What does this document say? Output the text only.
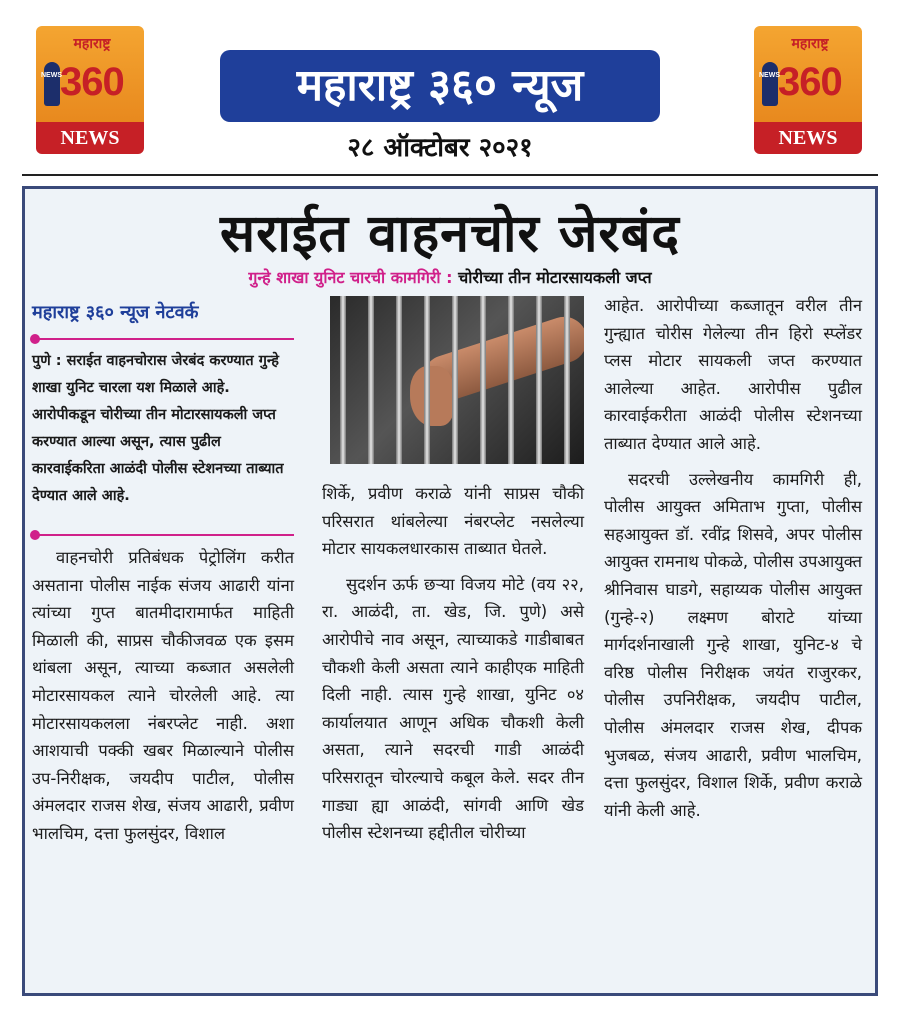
महाराष्ट्र
NEWS
360
NEWS
महाराष्ट्र
NEWS
360
NEWS
महाराष्ट्र ३६० न्यूज
२८ ऑक्टोबर २०२१
सराईत वाहनचोर जेरबंद
गुन्हे शाखा युनिट चारची कामगिरी : चोरीच्या तीन मोटारसायकली जप्त
महाराष्ट्र ३६० न्यूज नेटवर्क
पुणे : सराईत वाहनचोरास जेरबंद करण्यात गुन्हे शाखा युनिट चारला यश मिळाले आहे. आरोपीकडून चोरीच्या तीन मोटारसायकली जप्त करण्यात आल्या असून, त्यास पुढील कारवाईकरिता आळंदी पोलीस स्टेशनच्या ताब्यात देण्यात आले आहे.

वाहनचोरी प्रतिबंधक पेट्रोलिंग करीत असताना पोलीस नाईक संजय आढारी यांना त्यांच्या गुप्त बातमीदारामार्फत माहिती मिळाली की, साप्रस चौकीजवळ एक इसम थांबला असून, त्याच्या कब्जात असलेली मोटारसायकल त्याने चोरलेली आहे. त्या मोटारसायकलला नंबरप्लेट नाही. अशा आशयाची पक्की खबर मिळाल्याने पोलीस उप-निरीक्षक, जयदीप पाटील, पोलीस अंमलदार राजस शेख, संजय आढारी, प्रवीण भालचिम, दत्ता फुलसुंदर, विशाल

शिर्के, प्रवीण कराळे यांनी साप्रस चौकी परिसरात थांबलेल्या नंबरप्लेट नसलेल्या मोटार सायकलधारकास ताब्यात घेतले.

सुदर्शन ऊर्फ छऱ्या विजय मोटे (वय २२, रा. आळंदी, ता. खेड, जि. पुणे) असे आरोपीचे नाव असून, त्याच्याकडे गाडीबाबत चौकशी केली असता त्याने काहीएक माहिती दिली नाही. त्यास गुन्हे शाखा, युनिट ०४ कार्यालयात आणून अधिक चौकशी केली असता, त्याने सदरची गाडी आळंदी परिसरातून चोरल्याचे कबूल केले. सदर तीन गाड्या ह्या आळंदी, सांगवी आणि खेड पोलीस स्टेशनच्या हद्दीतील चोरीच्या

आहेत. आरोपीच्या कब्जातून वरील तीन गुन्ह्यात चोरीस गेलेल्या तीन हिरो स्प्लेंडर प्लस मोटार सायकली जप्त करण्यात आलेल्या आहेत. आरोपीस पुढील कारवाईकरीता आळंदी पोलीस स्टेशनच्या ताब्यात देण्यात आले आहे.

सदरची उल्लेखनीय कामगिरी ही, पोलीस आयुक्त अमिताभ गुप्ता, पोलीस सहआयुक्त डॉ. रवींद्र शिसवे, अपर पोलीस आयुक्त रामनाथ पोकळे, पोलीस उपआयुक्त श्रीनिवास घाडगे, सहाय्यक पोलीस आयुक्त (गुन्हे-२) लक्ष्मण बोराटे यांच्या मार्गदर्शनाखाली गुन्हे शाखा, युनिट-४ चे वरिष्ठ पोलीस निरीक्षक जयंत राजुरकर, पोलीस उपनिरीक्षक, जयदीप पाटील, पोलीस अंमलदार राजस शेख, दीपक भुजबळ, संजय आढारी, प्रवीण भालचिम, दत्ता फुलसुंदर, विशाल शिर्के, प्रवीण कराळे यांनी केली आहे.
